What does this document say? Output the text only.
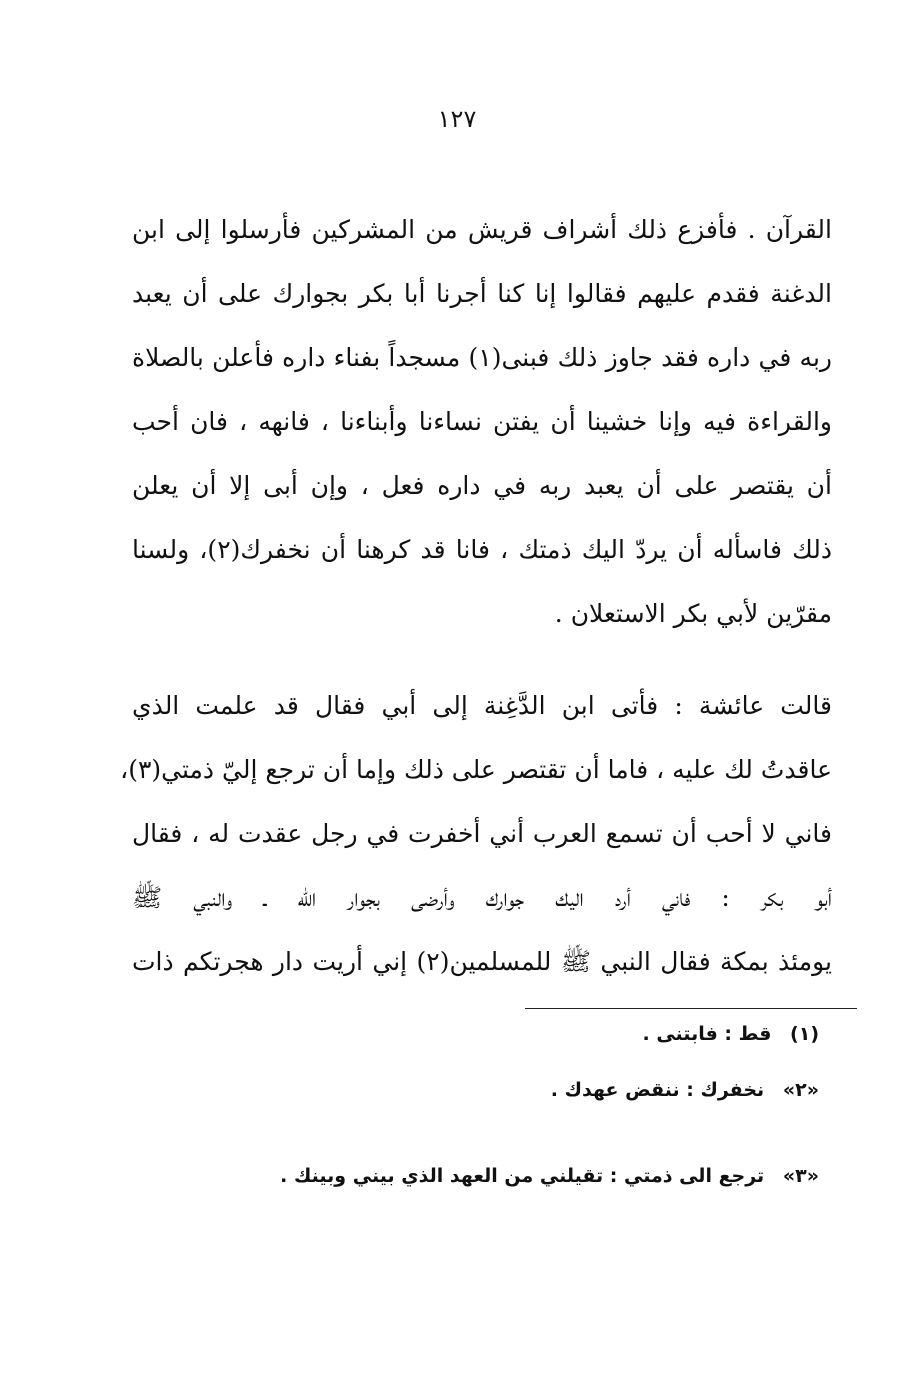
١٢٧
القرآن . فأفزع ذلك أشراف قريش من المشركين فأرسلوا إلى ابن
الدغنة فقدم عليهم فقالوا إنا كنا أجرنا أبا بكر بجوارك على أن يعبد
ربه في داره فقد جاوز ذلك فبنى(١) مسجداً بفناء داره فأعلن بالصلاة
والقراءة فيه وإنا خشينا أن يفتن نساءنا وأبناءنا ، فانهه ، فان أحب
أن يقتصر على أن يعبد ربه في داره فعل ، وإن أبى إلا أن يعلن
ذلك فاسأله أن يردّ اليك ذمتك ، فانا قد كرهنا أن نخفرك(٢)، ولسنا
مقرّين لأبي بكر الاستعلان .
قالت عائشة : فأتى ابن الدَّغِنة إلى أبي فقال قد علمت الذي
عاقدتُ لك عليه ، فاما أن تقتصر على ذلك وإما أن ترجع إليّ ذمتي(٣)،
فاني لا أحب أن تسمع العرب أني أخفرت في رجل عقدت له ، فقال
أبو بكر : فاني أرد اليك جوارك وأرضى بجوار الله ـ والنبي ﷺ
يومئذ بمكة فقال النبي ﷺ للمسلمين(٢) إني أريت دار هجرتكم ذات
(١) قط : فابتنى .
«٢» نخفرك : ننقض عهدك .
«٣» ترجع الى ذمتي : تقيلني من العهد الذي بيني وبينك .
